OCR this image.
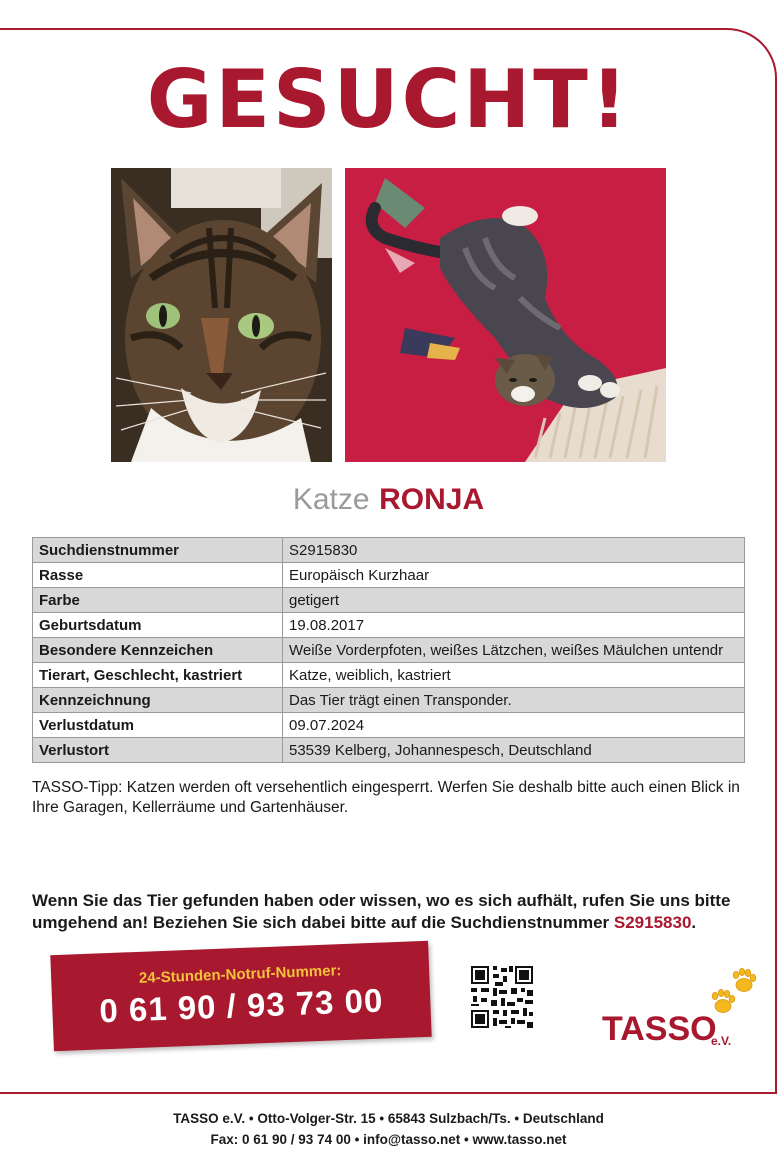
GESUCHT!
Katze RONJA
Suchdienstnummer	S2915830
Rasse	Europäisch Kurzhaar
Farbe	getigert
Geburtsdatum	19.08.2017
Besondere Kennzeichen	Weiße Vorderpfoten, weißes Lätzchen, weißes Mäulchen untendr
Tierart, Geschlecht, kastriert	Katze, weiblich, kastriert
Kennzeichnung	Das Tier trägt einen Transponder.
Verlustdatum	09.07.2024
Verlustort	53539 Kelberg, Johannespesch, Deutschland

TASSO-Tipp: Katzen werden oft versehentlich eingesperrt. Werfen Sie deshalb bitte auch einen Blick in Ihre Garagen, Kellerräume und Gartenhäuser.

Wenn Sie das Tier gefunden haben oder wissen, wo es sich aufhält, rufen Sie uns bitte umgehend an! Beziehen Sie sich dabei bitte auf die Suchdienstnummer S2915830.

24-Stunden-Notruf-Nummer:
0 61 90 / 93 73 00	TASSO
e.V.
TASSO e.V. • Otto-Volger-Str. 15 • 65843 Sulzbach/Ts. • Deutschland
Fax: 0 61 90 / 93 74 00 • info@tasso.net • www.tasso.net
